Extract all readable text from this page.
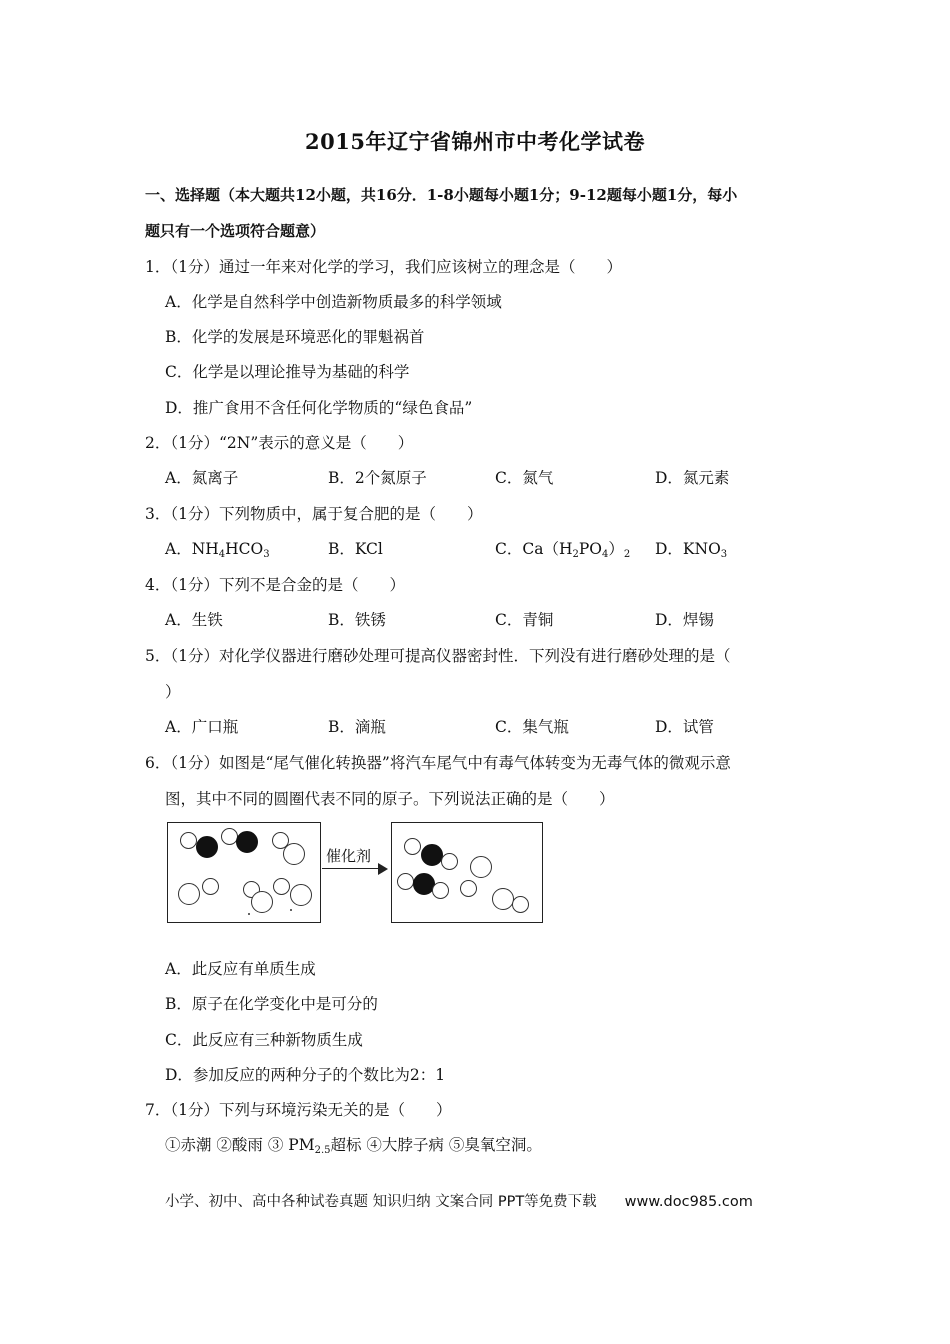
2015年辽宁省锦州市中考化学试卷
一、选择题（本大题共12小题，共16分．1-8小题每小题1分；9-12题每小题1分，每小
题只有一个选项符合题意）
1．（1分）通过一年来对化学的学习，我们应该树立的理念是（　　）
A．化学是自然科学中创造新物质最多的科学领域
B．化学的发展是环境恶化的罪魁祸首
C．化学是以理论推导为基础的科学
D．推广食用不含任何化学物质的“绿色食品”
2．（1分）“2N”表示的意义是（　　）
A．氮离子	B．2个氮原子	C．氮气	D．氮元素
3．（1分）下列物质中，属于复合肥的是（　　）
A．$NH_4HCO_3$	B．KCl	C．$Ca(H_2PO_4)_2$ D．$KNO_3$
4．（1分）下列不是合金的是（　　）
A．生铁	B．铁锈	C．青铜	D．焊锡
5．（1分）对化学仪器进行磨砂处理可提高仪器密封性．下列没有进行磨砂处理的是（
）
A．广口瓶	B．滴瓶	C．集气瓶	D．试管
6．（1分）如图是“尾气催化转换器”将汽车尾气中有毒气体转变为无毒气体的微观示意
图，其中不同的圆圈代表不同的原子。下列说法正确的是（　　）
催化剂
A．此反应有单质生成
B．原子在化学变化中是可分的
C．此反应有三种新物质生成
D．参加反应的两种分子的个数比为2：1
7．（1分）下列与环境污染无关的是（　　）
①赤潮 ②酸雨 ③ $PM_{2.5}$超标 ④大脖子病 ⑤臭氧空洞。
小学、初中、高中各种试卷真题 知识归纳 文案合同 PPT等免费下载 www.doc985.com
